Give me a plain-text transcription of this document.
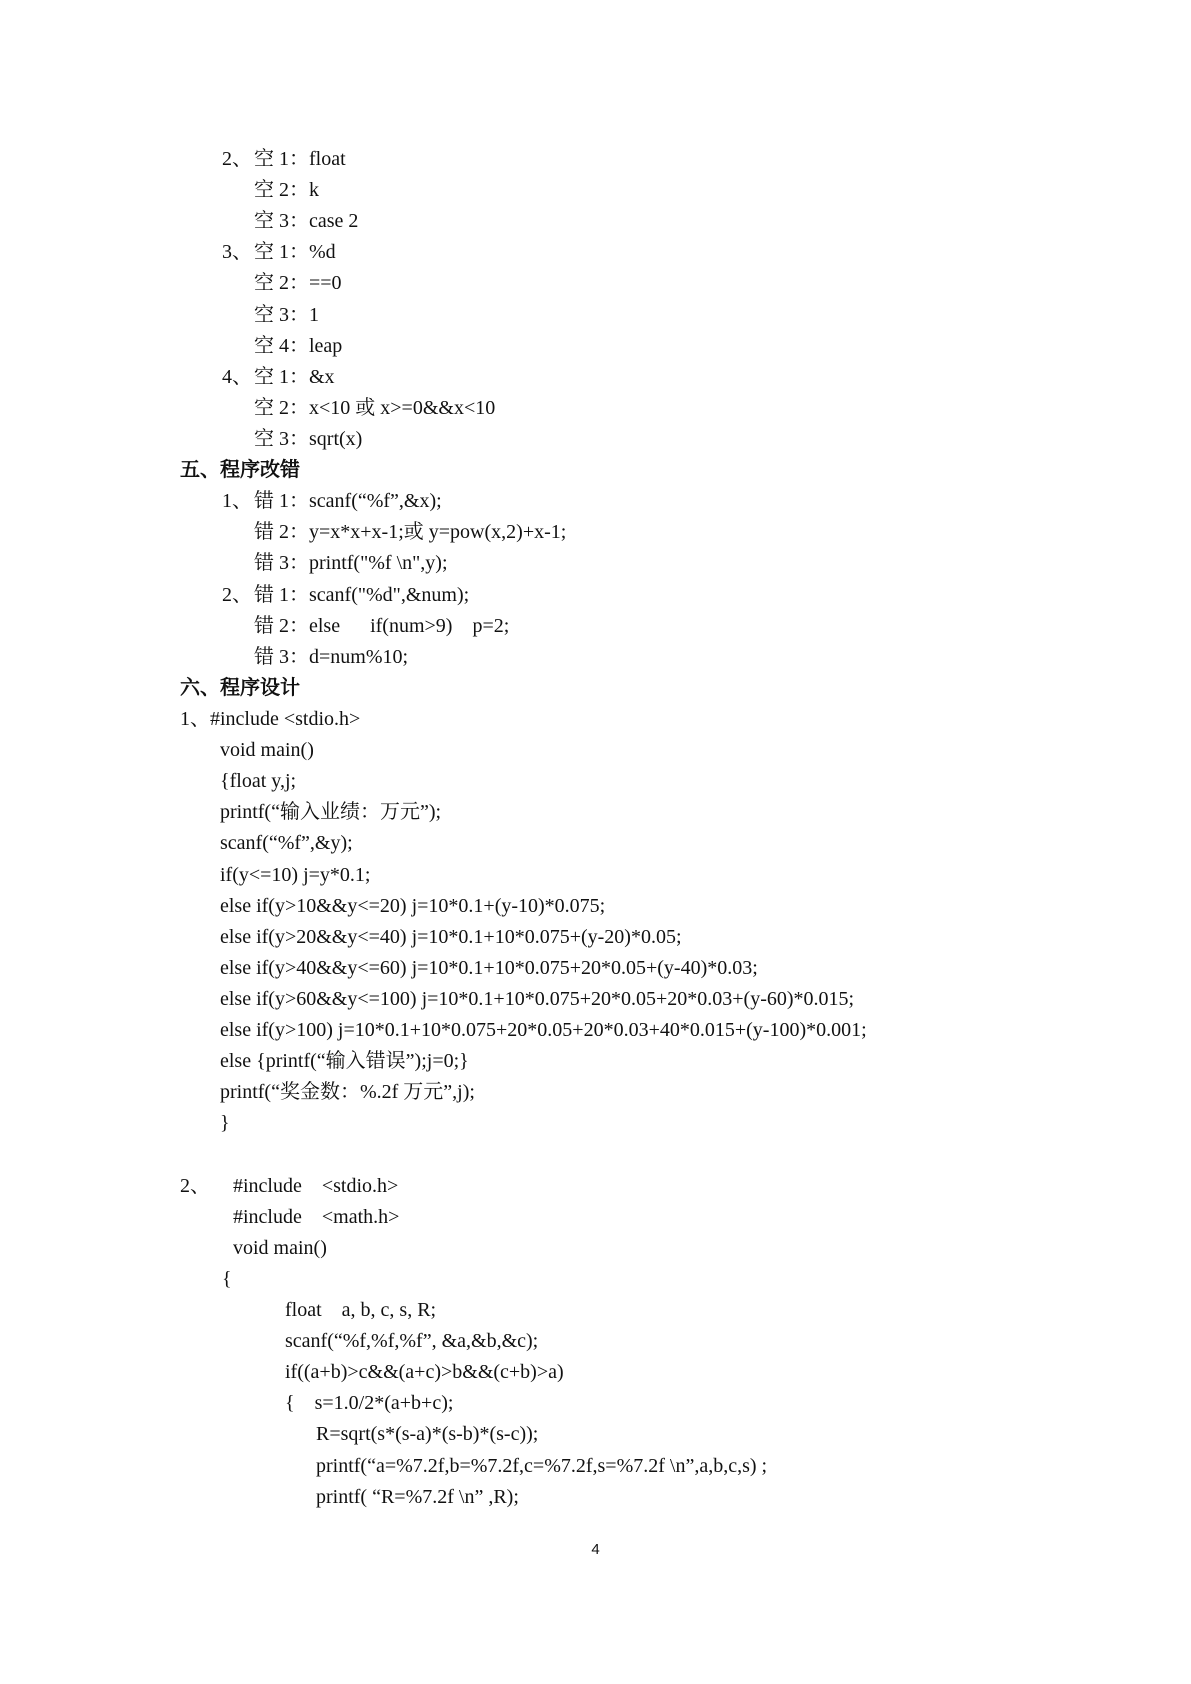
2、 空 1：float
空 2：k
空 3：case 2
3、 空 1：%d
空 2：==0
空 3：1
空 4：leap
4、 空 1：&x
空 2：x<10 或 x>=0&&x<10
空 3：sqrt(x)
五、程序改错
1、 错 1：scanf(“%f”,&x);
错 2：y=x*x+x-1;或 y=pow(x,2)+x-1;
错 3：printf("%f \n",y);
2、 错 1：scanf("%d",&num);
错 2：else      if(num>9)    p=2;
错 3：d=num%10;
六、程序设计
1、#include <stdio.h>
void main()
{float y,j;
printf(“输入业绩：万元”);
scanf(“%f”,&y);
if(y<=10) j=y*0.1;
else if(y>10&&y<=20) j=10*0.1+(y-10)*0.075;
else if(y>20&&y<=40) j=10*0.1+10*0.075+(y-20)*0.05;
else if(y>40&&y<=60) j=10*0.1+10*0.075+20*0.05+(y-40)*0.03;
else if(y>60&&y<=100) j=10*0.1+10*0.075+20*0.05+20*0.03+(y-60)*0.015;
else if(y>100) j=10*0.1+10*0.075+20*0.05+20*0.03+40*0.015+(y-100)*0.001;
else {printf(“输入错误”);j=0;}
printf(“奖金数：%.2f 万元”,j);
}
2、 #include    <stdio.h>
#include    <math.h>
void main()
{
float    a, b, c, s, R;
scanf(“%f,%f,%f”, &a,&b,&c);
if((a+b)>c&&(a+c)>b&&(c+b)>a)
{    s=1.0/2*(a+b+c);
R=sqrt(s*(s-a)*(s-b)*(s-c));
printf(“a=%7.2f,b=%7.2f,c=%7.2f,s=%7.2f \n”,a,b,c,s) ;
printf( “R=%7.2f \n” ,R);
4
